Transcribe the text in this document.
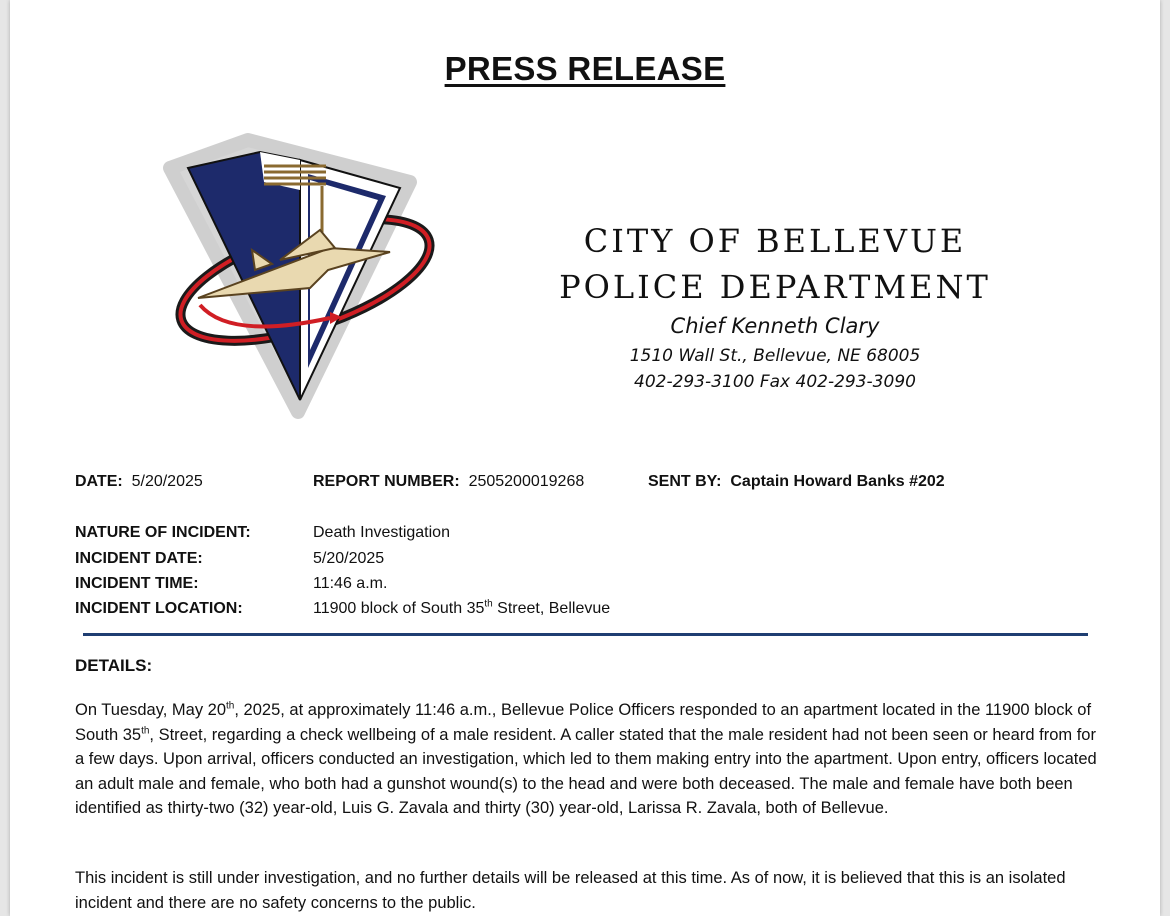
PRESS RELEASE
CITY OF BELLEVUE
POLICE DEPARTMENT
Chief Kenneth Clary
1510 Wall St., Bellevue, NE 68005
402-293-3100 Fax 402-293-3090
DATE: 5/20/2025	REPORT NUMBER: 2505200019268	SENT BY: Captain Howard Banks #202
NATURE OF INCIDENT:	Death Investigation
INCIDENT DATE:	5/20/2025
INCIDENT TIME:	11:46 a.m.
INCIDENT LOCATION:	11900 block of South 35th Street, Bellevue
DETAILS:
On Tuesday, May 20th, 2025, at approximately 11:46 a.m., Bellevue Police Officers responded to an apartment located in the 11900 block of South 35th, Street, regarding a check wellbeing of a male resident. A caller stated that the male resident had not been seen or heard from for a few days. Upon arrival, officers conducted an investigation, which led to them making entry into the apartment. Upon entry, officers located an adult male and female, who both had a gunshot wound(s) to the head and were both deceased. The male and female have both been identified as thirty-two (32) year-old, Luis G. Zavala and thirty (30) year-old, Larissa R. Zavala, both of Bellevue.
This incident is still under investigation, and no further details will be released at this time. As of now, it is believed that this is an isolated incident and there are no safety concerns to the public.
